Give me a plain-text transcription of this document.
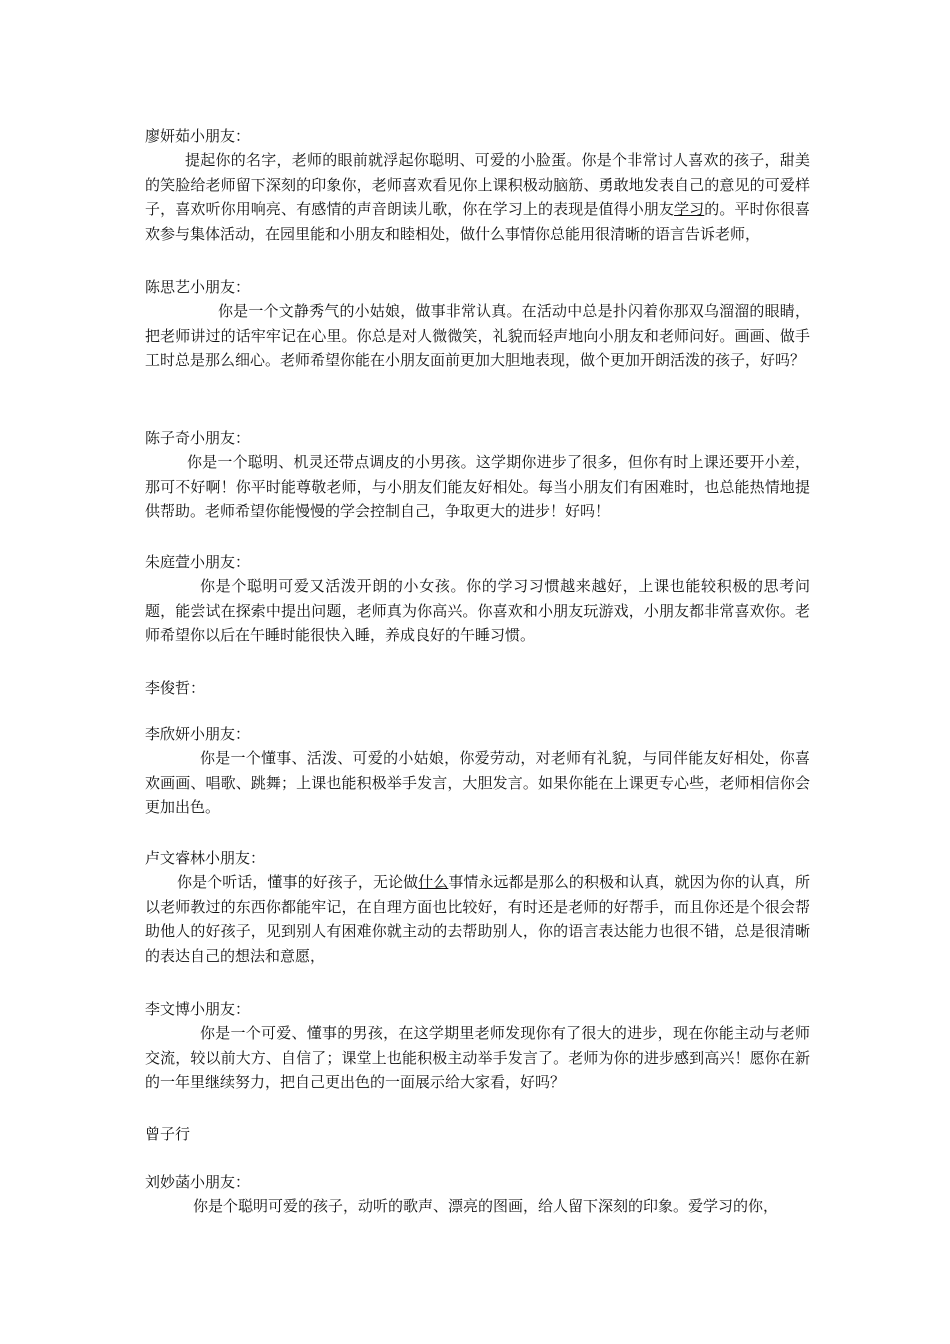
廖妍茹小朋友：
提起你的名字，老师的眼前就浮起你聪明、可爱的小脸蛋。你是个非常讨人喜欢的孩子，甜美的笑脸给老师留下深刻的印象你，老师喜欢看见你上课积极动脑筋、勇敢地发表自己的意见的可爱样子，喜欢听你用响亮、有感情的声音朗读儿歌，你在学习上的表现是值得小朋友学习的。平时你很喜欢参与集体活动，在园里能和小朋友和睦相处，做什么事情你总能用很清晰的语言告诉老师，
陈思艺小朋友：
你是一个文静秀气的小姑娘，做事非常认真。在活动中总是扑闪着你那双乌溜溜的眼睛，把老师讲过的话牢牢记在心里。你总是对人微微笑，礼貌而轻声地向小朋友和老师问好。画画、做手工时总是那么细心。老师希望你能在小朋友面前更加大胆地表现，做个更加开朗活泼的孩子，好吗？
陈子奇小朋友：
你是一个聪明、机灵还带点调皮的小男孩。这学期你进步了很多，但你有时上课还要开小差，那可不好啊！你平时能尊敬老师，与小朋友们能友好相处。每当小朋友们有困难时，也总能热情地提供帮助。老师希望你能慢慢的学会控制自己，争取更大的进步！好吗！
朱庭萱小朋友：
你是个聪明可爱又活泼开朗的小女孩。你的学习习惯越来越好，上课也能较积极的思考问题，能尝试在探索中提出问题，老师真为你高兴。你喜欢和小朋友玩游戏，小朋友都非常喜欢你。老师希望你以后在午睡时能很快入睡，养成良好的午睡习惯。
李俊哲：
李欣妍小朋友：
你是一个懂事、活泼、可爱的小姑娘，你爱劳动，对老师有礼貌，与同伴能友好相处，你喜欢画画、唱歌、跳舞；上课也能积极举手发言，大胆发言。如果你能在上课更专心些，老师相信你会更加出色。
卢文睿林小朋友：
你是个听话，懂事的好孩子，无论做什么事情永远都是那么的积极和认真，就因为你的认真，所以老师教过的东西你都能牢记，在自理方面也比较好，有时还是老师的好帮手，而且你还是个很会帮助他人的好孩子，见到别人有困难你就主动的去帮助别人，你的语言表达能力也很不错，总是很清晰的表达自己的想法和意愿，
李文博小朋友：
你是一个可爱、懂事的男孩，在这学期里老师发现你有了很大的进步，现在你能主动与老师交流，较以前大方、自信了；课堂上也能积极主动举手发言了。老师为你的进步感到高兴！愿你在新的一年里继续努力，把自己更出色的一面展示给大家看，好吗？
曾子行
刘妙菡小朋友：
你是个聪明可爱的孩子，动听的歌声、漂亮的图画，给人留下深刻的印象。爱学习的你，
